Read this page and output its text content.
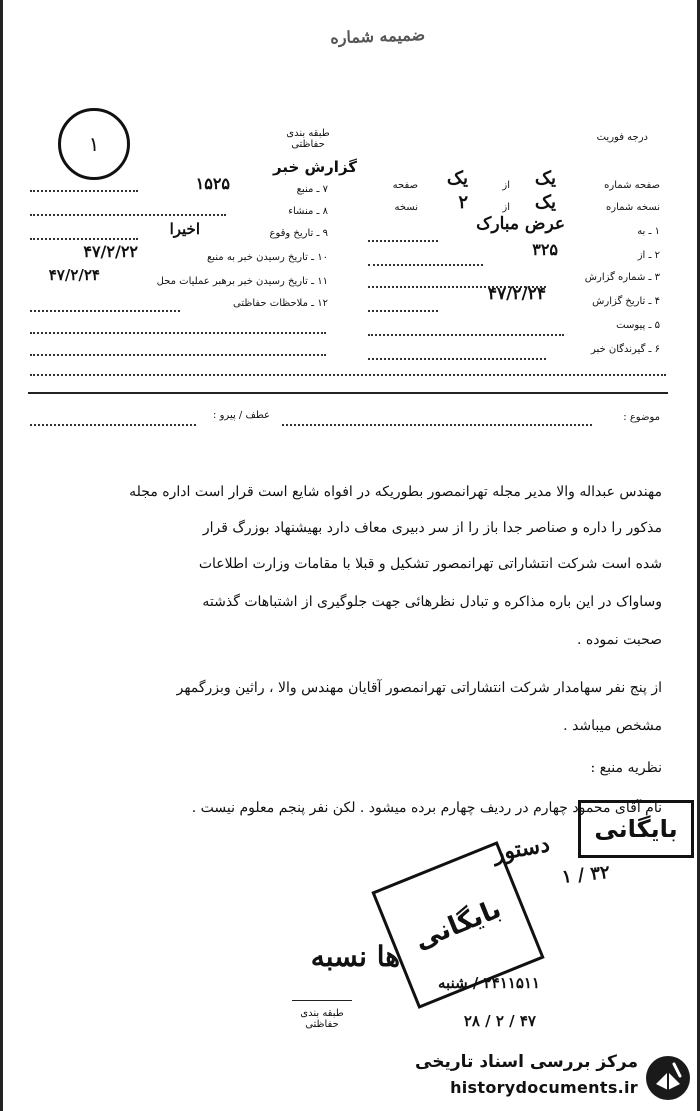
ضمیمه شماره
۱	درجه فوریت
طبقه بندی حفاظتی
گزارش خبر
صفحه شماره
یک
از
یک
صفحه
نسخه شماره
یک
از
۲
نسخه
۱ ـ به
عرض مبارک
۲ ـ از
۳۲۵
۳ ـ شماره گزارش
۴ ـ تاریخ گزارش
۴۷/۲/۲۴
۵ ـ پیوست
۶ ـ گیرندگان خبر
۷ ـ منبع
۱۵۲۵
۸ ـ منشاء
۹ ـ تاریخ وقوع
اخیرا
۱۰ ـ تاریخ رسیدن خبر به منبع
۴۷/۲/۲۲
۱۱ ـ تاریخ رسیدن خبر برهبر عملیات محل
۴۷/۲/۲۴
۱۲ ـ ملاحظات حفاظتی
موضوع :
عطف / پیرو :
مهندس عبداله والا مدیر مجله تهرانمصور بطوریکه در افواه شایع است قرار است اداره مجله
مذکور را داره و صناصر جدا باز را از سر دبیری معاف دارد بهیشنهاد بوزرگ قرار
شده است شرکت انتشاراتی تهرانمصور تشکیل و قبلا با مقامات وزارت اطلاعات
وساواک در این باره مذاکره و تبادل نظرهائی جهت جلوگیری از اشتباهات گذشته
صحبت نموده .
از پنج نفر سهامدار شرکت انتشاراتی تهرانمصور آقایان مهندس والا ، راثین وبزرگمهر
مشخص میباشد .
نظریه منبع :
نام آقای محمود چهارم در ردیف چهارم برده میشود . لکن نفر پنجم معلوم نیست .
بایگانی
دستور
۳۲ / ۱
بایگانی
ها نسبه
۲۴۱۱۵۱۱ / شنبه
۴۷ / ۲ / ۲۸
طبقه بندی حفاظتی
مرکز بررسی اسناد تاریخی
historydocuments.ir
